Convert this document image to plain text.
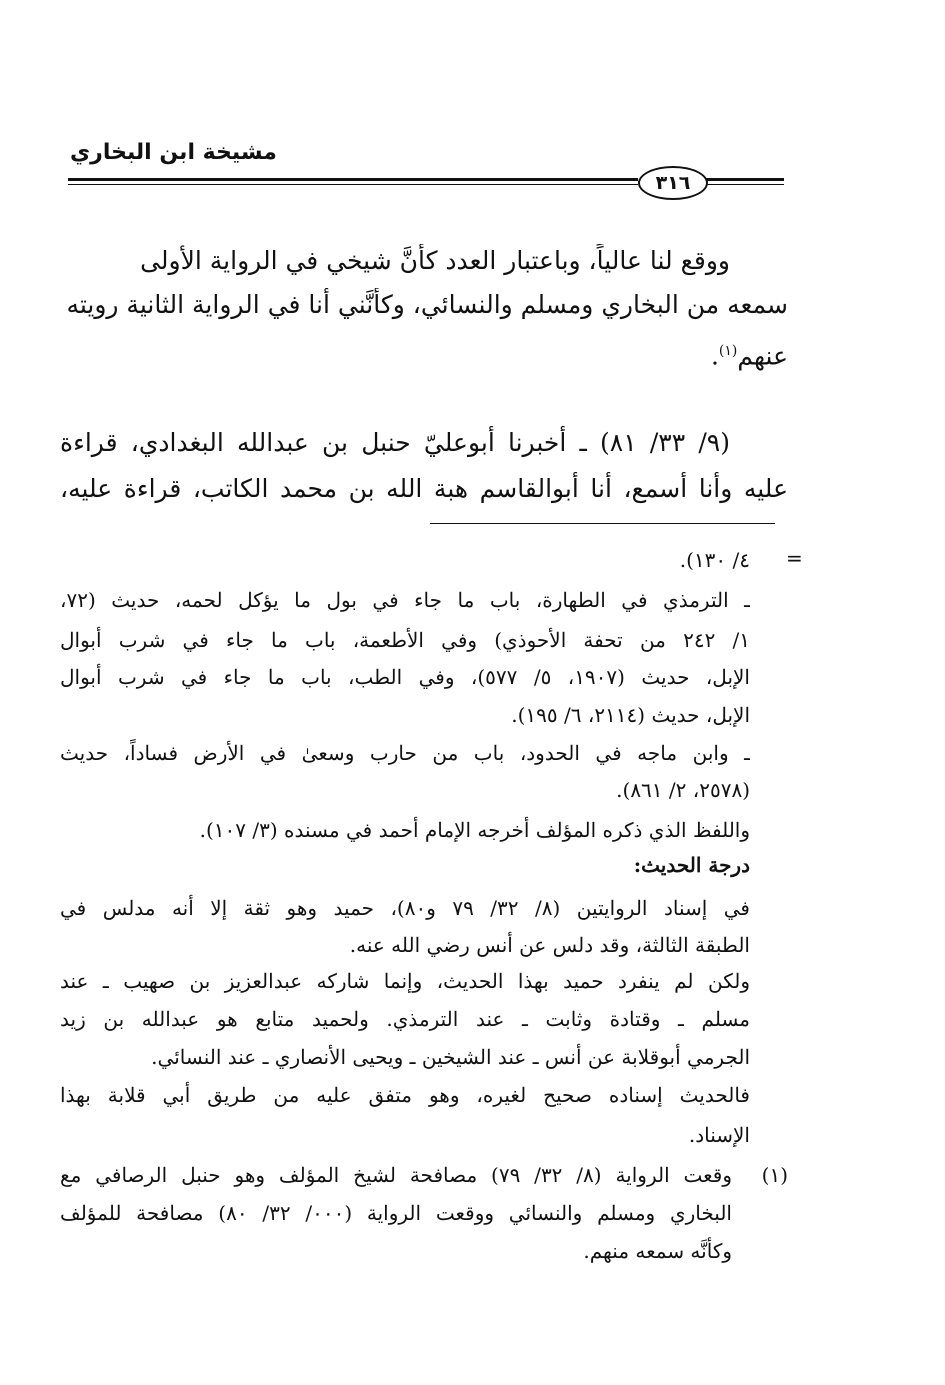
مشيخة ابن البخاري
٣١٦
ووقع لنا عالياً، وباعتبار العدد كأنَّ شيخي في الرواية الأولى
سمعه من البخاري ومسلم والنسائي، وكأنَّني أنا في الرواية الثانية رويته
عنهم$^{(١)}$.
(٩/ ٣٣/ ٨١) ـ أخبرنا أبوعليّ حنبل بن عبدالله البغدادي، قراءة
عليه وأنا أسمع، أنا أبوالقاسم هبة الله بن محمد الكاتب، قراءة عليه،
=
٤/ ١٣٠).
ـ الترمذي في الطهارة، باب ما جاء في بول ما يؤكل لحمه، حديث (٧٢،
١/ ٢٤٢ من تحفة الأحوذي) وفي الأطعمة، باب ما جاء في شرب أبوال
الإبل، حديث (١٩٠٧، ٥/ ٥٧٧)، وفي الطب، باب ما جاء في شرب أبوال
الإبل، حديث (٢١١٤، ٦/ ١٩٥).
ـ وابن ماجه في الحدود، باب من حارب وسعىٰ في الأرض فساداً، حديث
(٢٥٧٨، ٢/ ٨٦١).
واللفظ الذي ذكره المؤلف أخرجه الإمام أحمد في مسنده (٣/ ١٠٧).
درجة الحديث:
في إسناد الروايتين (٨/ ٣٢/ ٧٩ و٨٠)، حميد وهو ثقة إلا أنه مدلس في
الطبقة الثالثة، وقد دلس عن أنس رضي الله عنه.
ولكن لم ينفرد حميد بهذا الحديث، وإنما شاركه عبدالعزيز بن صهيب ـ عند
مسلم ـ وقتادة وثابت ـ عند الترمذي. ولحميد متابع هو عبدالله بن زيد
الجرمي أبوقلابة عن أنس ـ عند الشيخين ـ ويحيى الأنصاري ـ عند النسائي.
فالحديث إسناده صحيح لغيره، وهو متفق عليه من طريق أبي قلابة بهذا
الإسناد.
(١)
وقعت الرواية (٨/ ٣٢/ ٧٩) مصافحة لشيخ المؤلف وهو حنبل الرصافي مع
البخاري ومسلم والنسائي ووقعت الرواية (٠٠٠/ ٣٢/ ٨٠) مصافحة للمؤلف
وكأنَّه سمعه منهم.
